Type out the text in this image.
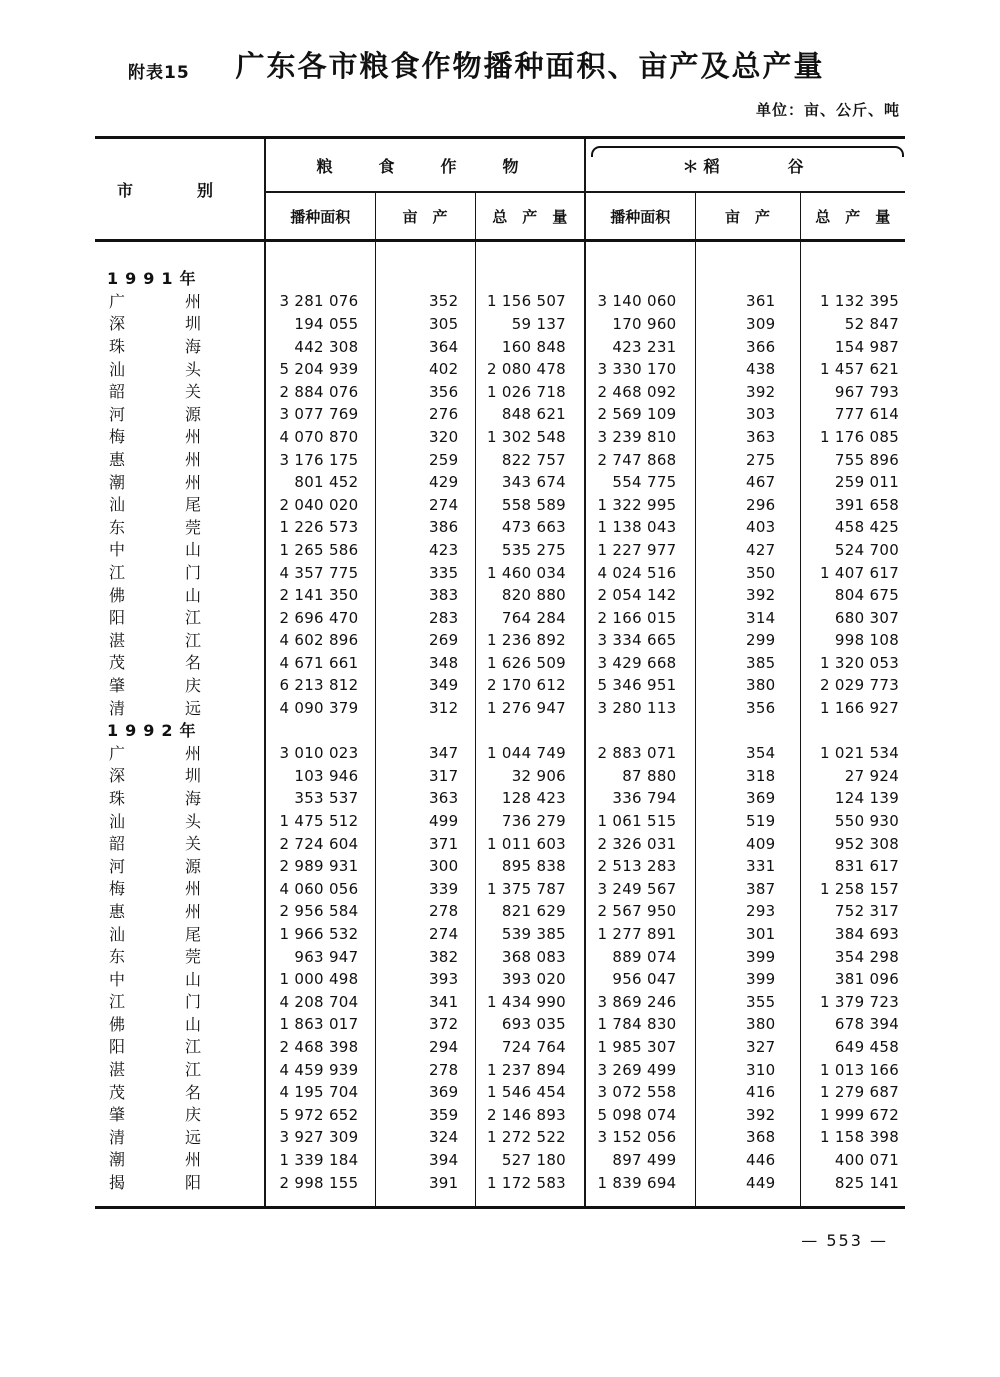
附表15 广东各市粮食作物播种面积、亩产及总产量
单位：亩、公斤、吨
市　　　　别	粮　食　作　物			＊稻　　　谷		
	播种面积	亩　产	总　产　量	播种面积	亩　产	总　产　量

1991年						
广州	3 281 076	352	1 156 507	3 140 060	361	1 132 395
深圳	194 055	305	59 137	170 960	309	52 847
珠海	442 308	364	160 848	423 231	366	154 987
汕头	5 204 939	402	2 080 478	3 330 170	438	1 457 621
韶关	2 884 076	356	1 026 718	2 468 092	392	967 793
河源	3 077 769	276	848 621	2 569 109	303	777 614
梅州	4 070 870	320	1 302 548	3 239 810	363	1 176 085
惠州	3 176 175	259	822 757	2 747 868	275	755 896
潮州	801 452	429	343 674	554 775	467	259 011
汕尾	2 040 020	274	558 589	1 322 995	296	391 658
东莞	1 226 573	386	473 663	1 138 043	403	458 425
中山	1 265 586	423	535 275	1 227 977	427	524 700
江门	4 357 775	335	1 460 034	4 024 516	350	1 407 617
佛山	2 141 350	383	820 880	2 054 142	392	804 675
阳江	2 696 470	283	764 284	2 166 015	314	680 307
湛江	4 602 896	269	1 236 892	3 334 665	299	998 108
茂名	4 671 661	348	1 626 509	3 429 668	385	1 320 053
肇庆	6 213 812	349	2 170 612	5 346 951	380	2 029 773
清远	4 090 379	312	1 276 947	3 280 113	356	1 166 927
1992年						
广州	3 010 023	347	1 044 749	2 883 071	354	1 021 534
深圳	103 946	317	32 906	87 880	318	27 924
珠海	353 537	363	128 423	336 794	369	124 139
汕头	1 475 512	499	736 279	1 061 515	519	550 930
韶关	2 724 604	371	1 011 603	2 326 031	409	952 308
河源	2 989 931	300	895 838	2 513 283	331	831 617
梅州	4 060 056	339	1 375 787	3 249 567	387	1 258 157
惠州	2 956 584	278	821 629	2 567 950	293	752 317
汕尾	1 966 532	274	539 385	1 277 891	301	384 693
东莞	963 947	382	368 083	889 074	399	354 298
中山	1 000 498	393	393 020	956 047	399	381 096
江门	4 208 704	341	1 434 990	3 869 246	355	1 379 723
佛山	1 863 017	372	693 035	1 784 830	380	678 394
阳江	2 468 398	294	724 764	1 985 307	327	649 458
湛江	4 459 939	278	1 237 894	3 269 499	310	1 013 166
茂名	4 195 704	369	1 546 454	3 072 558	416	1 279 687
肇庆	5 972 652	359	2 146 893	5 098 074	392	1 999 672
清远	3 927 309	324	1 272 522	3 152 056	368	1 158 398
潮州	1 339 184	394	527 180	897 499	446	400 071
揭阳	2 998 155	391	1 172 583	1 839 694	449	825 141

— 553 —
